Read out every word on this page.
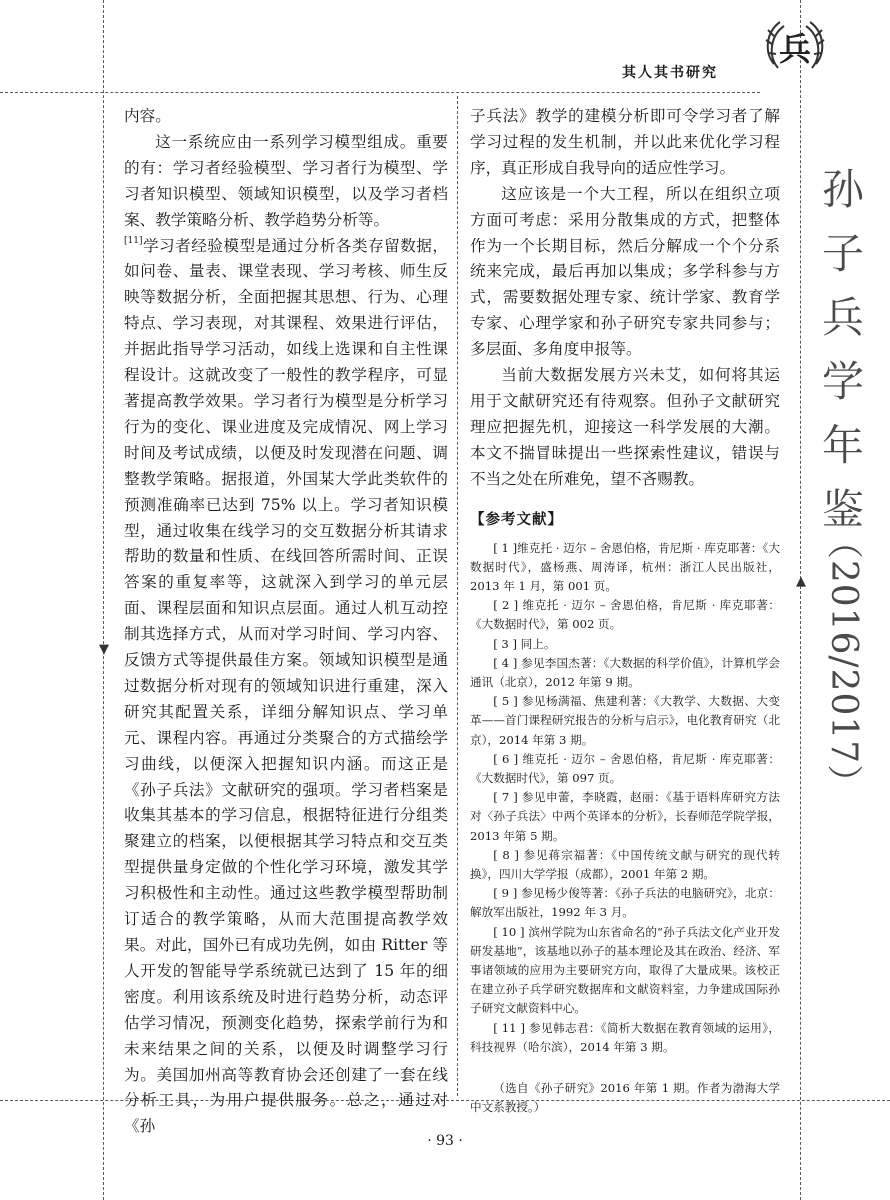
其人其书研究
兵
孙
子
兵
学
年
鉴
（2016/2017）
▼
▲

内容。

这一系统应由一系列学习模型组成。重要的有：学习者经验模型、学习者行为模型、学习者知识模型、领域知识模型，以及学习者档案、教学策略分析、教学趋势分析等。

[11]学习者经验模型是通过分析各类存留数据，如问卷、量表、课堂表现、学习考核、师生反映等数据分析，全面把握其思想、行为、心理特点、学习表现，对其课程、效果进行评估，并据此指导学习活动，如线上选课和自主性课程设计。这就改变了一般性的教学程序，可显著提高教学效果。学习者行为模型是分析学习行为的变化、课业进度及完成情况、网上学习时间及考试成绩，以便及时发现潜在问题、调整教学策略。据报道，外国某大学此类软件的预测准确率已达到 75% 以上。学习者知识模型，通过收集在线学习的交互数据分析其请求帮助的数量和性质、在线回答所需时间、正误答案的重复率等，这就深入到学习的单元层面、课程层面和知识点层面。通过人机互动控制其选择方式，从而对学习时间、学习内容、反馈方式等提供最佳方案。领域知识模型是通过数据分析对现有的领域知识进行重建，深入研究其配置关系，详细分解知识点、学习单元、课程内容。再通过分类聚合的方式描绘学习曲线，以便深入把握知识内涵。而这正是《孙子兵法》文献研究的强项。学习者档案是收集其基本的学习信息，根据特征进行分组类聚建立的档案，以便根据其学习特点和交互类型提供量身定做的个性化学习环境，激发其学习积极性和主动性。通过这些教学模型帮助制订适合的教学策略，从而大范围提高教学效果。对此，国外已有成功先例，如由 Ritter 等人开发的智能导学系统就已达到了 15 年的细密度。利用该系统及时进行趋势分析，动态评估学习情况，预测变化趋势，探索学前行为和未来结果之间的关系，以便及时调整学习行为。美国加州高等教育协会还创建了一套在线分析工具，为用户提供服务。总之，通过对《孙

子兵法》教学的建模分析即可令学习者了解学习过程的发生机制，并以此来优化学习程序，真正形成自我导向的适应性学习。

这应该是一个大工程，所以在组织立项方面可考虑：采用分散集成的方式，把整体作为一个长期目标，然后分解成一个个分系统来完成，最后再加以集成；多学科参与方式，需要数据处理专家、统计学家、教育学专家、心理学家和孙子研究专家共同参与；多层面、多角度申报等。

当前大数据发展方兴未艾，如何将其运用于文献研究还有待观察。但孙子文献研究理应把握先机，迎接这一科学发展的大潮。本文不揣冒昧提出一些探索性建议，错误与不当之处在所难免，望不吝赐教。

【参考文献】
[ 1 ]维克托 · 迈尔 – 舍恩伯格，肯尼斯 · 库克耶著：《大数据时代》，盛杨燕、周涛译，杭州：浙江人民出版社，2013 年 1 月，第 001 页。
[ 2 ] 维克托 · 迈尔 – 舍恩伯格，肯尼斯 · 库克耶著：《大数据时代》，第 002 页。
[ 3 ] 同上。
[ 4 ] 参见李国杰著：《大数据的科学价值》，计算机学会通讯（北京），2012 年第 9 期。
[ 5 ] 参见杨满福、焦建利著：《大教学、大数据、大变革——首门课程研究报告的分析与启示》，电化教育研究（北京），2014 年第 3 期。
[ 6 ] 维克托 · 迈尔 – 舍恩伯格，肯尼斯 · 库克耶著：《大数据时代》，第 097 页。
[ 7 ] 参见申蕾，李晓霞，赵丽：《基于语料库研究方法对〈孙子兵法〉中两个英译本的分析》，长春师范学院学报，2013 年第 5 期。
[ 8 ] 参见蒋宗福著：《中国传统文献与研究的现代转换》，四川大学学报（成都），2001 年第 2 期。
[ 9 ] 参见杨少俊等著：《孙子兵法的电脑研究》，北京：解放军出版社，1992 年 3 月。
[ 10 ] 滨州学院为山东省命名的“孙子兵法文化产业开发研发基地”，该基地以孙子的基本理论及其在政治、经济、军事诸领域的应用为主要研究方向，取得了大量成果。该校正在建立孙子兵学研究数据库和文献资料室，力争建成国际孙子研究文献资料中心。
[ 11 ] 参见韩志君：《简析大数据在教育领域的运用》，科技视界（哈尔滨），2014 年第 3 期。
（选自《孙子研究》2016 年第 1 期。作者为渤海大学中文系教授。）
· 93 ·
